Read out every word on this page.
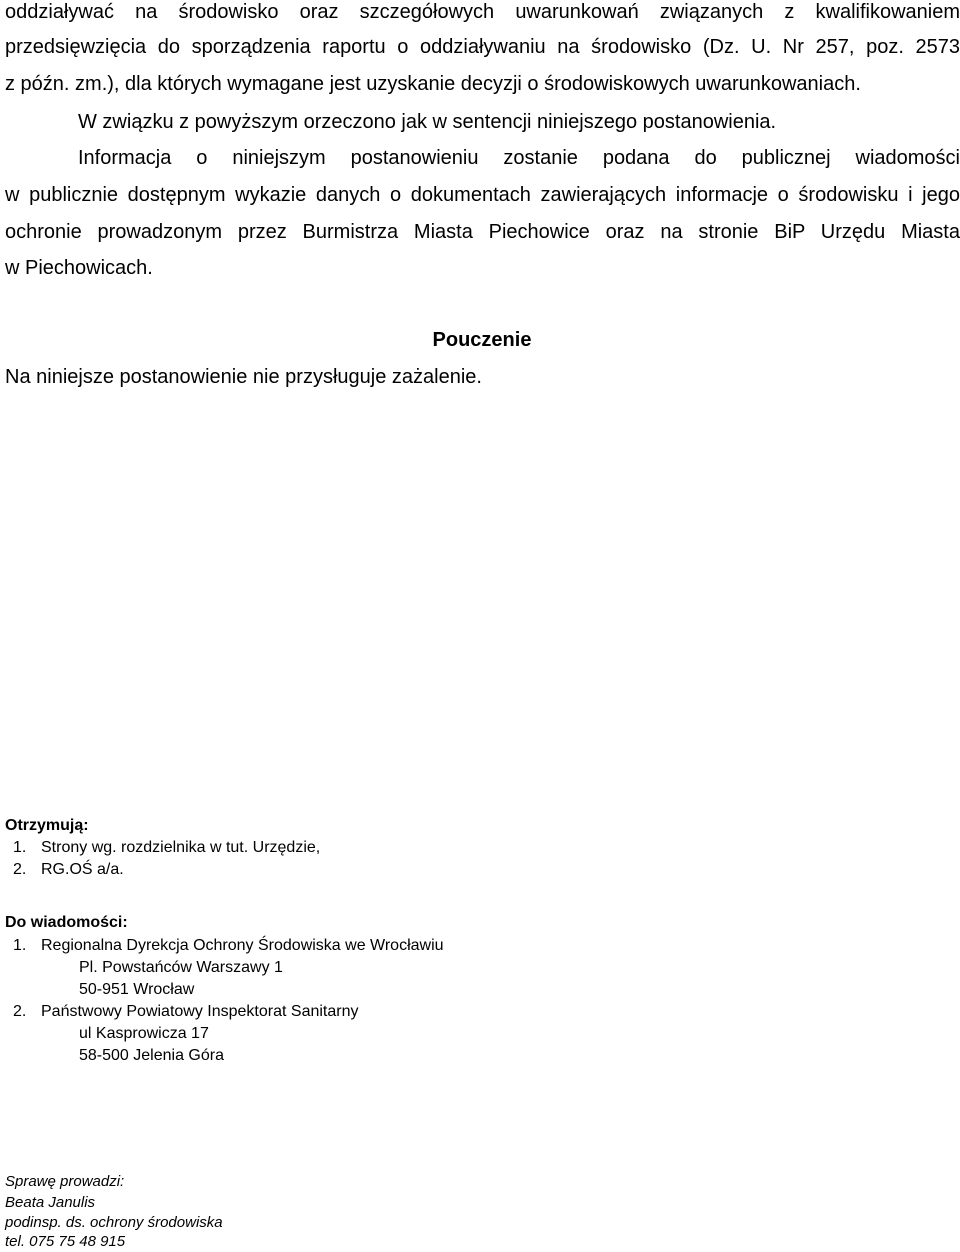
oddziaływać na środowisko oraz szczegółowych uwarunkowań związanych z kwalifikowaniem
przedsięwzięcia do sporządzenia raportu o oddziaływaniu na środowisko (Dz. U. Nr 257, poz. 2573
z późn. zm.), dla których wymagane jest uzyskanie decyzji o środowiskowych uwarunkowaniach.
W związku z powyższym orzeczono jak w sentencji niniejszego postanowienia.
Informacja o niniejszym postanowieniu zostanie podana do publicznej wiadomości
w publicznie dostępnym wykazie danych o dokumentach zawierających informacje o środowisku i jego
ochronie prowadzonym przez Burmistrza Miasta Piechowice oraz na stronie BiP Urzędu Miasta
w Piechowicach.
Pouczenie
Na niniejsze postanowienie nie przysługuje zażalenie.
Otrzymują:
1. Strony wg. rozdzielnika w tut. Urzędzie,
2. RG.OŚ a/a.
Do wiadomości:
1. Regionalna Dyrekcja Ochrony Środowiska we Wrocławiu
Pl. Powstańców Warszawy 1
50-951 Wrocław
2. Państwowy Powiatowy Inspektorat Sanitarny
ul Kasprowicza 17
58-500 Jelenia Góra
Sprawę prowadzi:
Beata Janulis
podinsp. ds. ochrony środowiska
tel. 075 75 48 915
